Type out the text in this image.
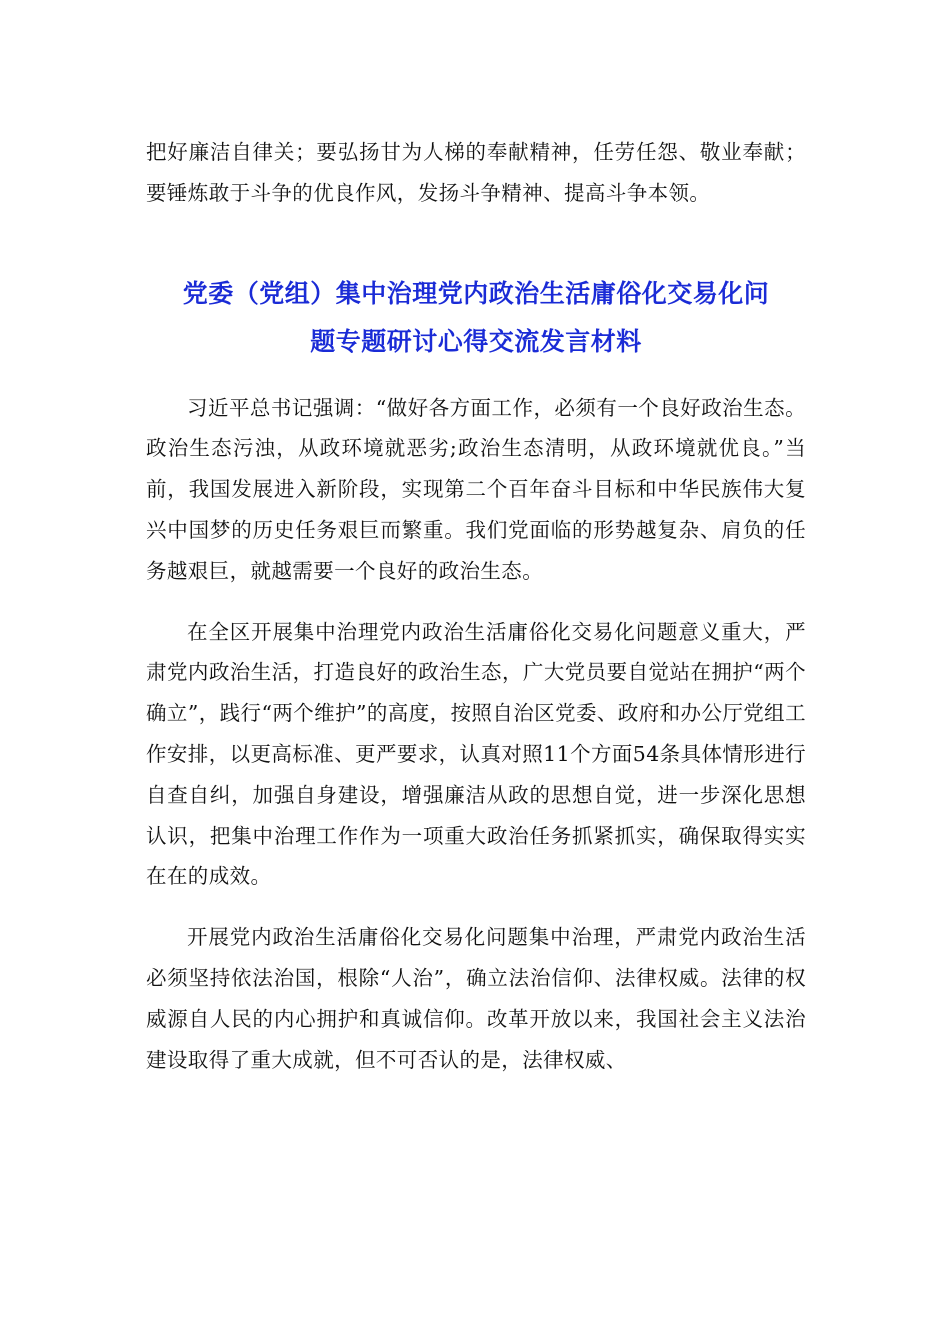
把好廉洁自律关；要弘扬甘为人梯的奉献精神，任劳任怨、敬业奉献；要锤炼敢于斗争的优良作风，发扬斗争精神、提高斗争本领。

党委（党组）集中治理党内政治生活庸俗化交易化问
题专题研讨心得交流发言材料

习近平总书记强调：“做好各方面工作，必须有一个良好政治生态。政治生态污浊，从政环境就恶劣;政治生态清明，从政环境就优良。”当前，我国发展进入新阶段，实现第二个百年奋斗目标和中华民族伟大复兴中国梦的历史任务艰巨而繁重。我们党面临的形势越复杂、肩负的任务越艰巨，就越需要一个良好的政治生态。

在全区开展集中治理党内政治生活庸俗化交易化问题意义重大，严肃党内政治生活，打造良好的政治生态，广大党员要自觉站在拥护“两个确立”，践行“两个维护”的高度，按照自治区党委、政府和办公厅党组工作安排，以更高标准、更严要求，认真对照11个方面54条具体情形进行自查自纠，加强自身建设，增强廉洁从政的思想自觉，进一步深化思想认识，把集中治理工作作为一项重大政治任务抓紧抓实，确保取得实实在在的成效。

开展党内政治生活庸俗化交易化问题集中治理，严肃党内政治生活必须坚持依法治国，根除“人治”，确立法治信仰、法律权威。法律的权威源自人民的内心拥护和真诚信仰。改革开放以来，我国社会主义法治建设取得了重大成就，但不可否认的是，法律权威、
